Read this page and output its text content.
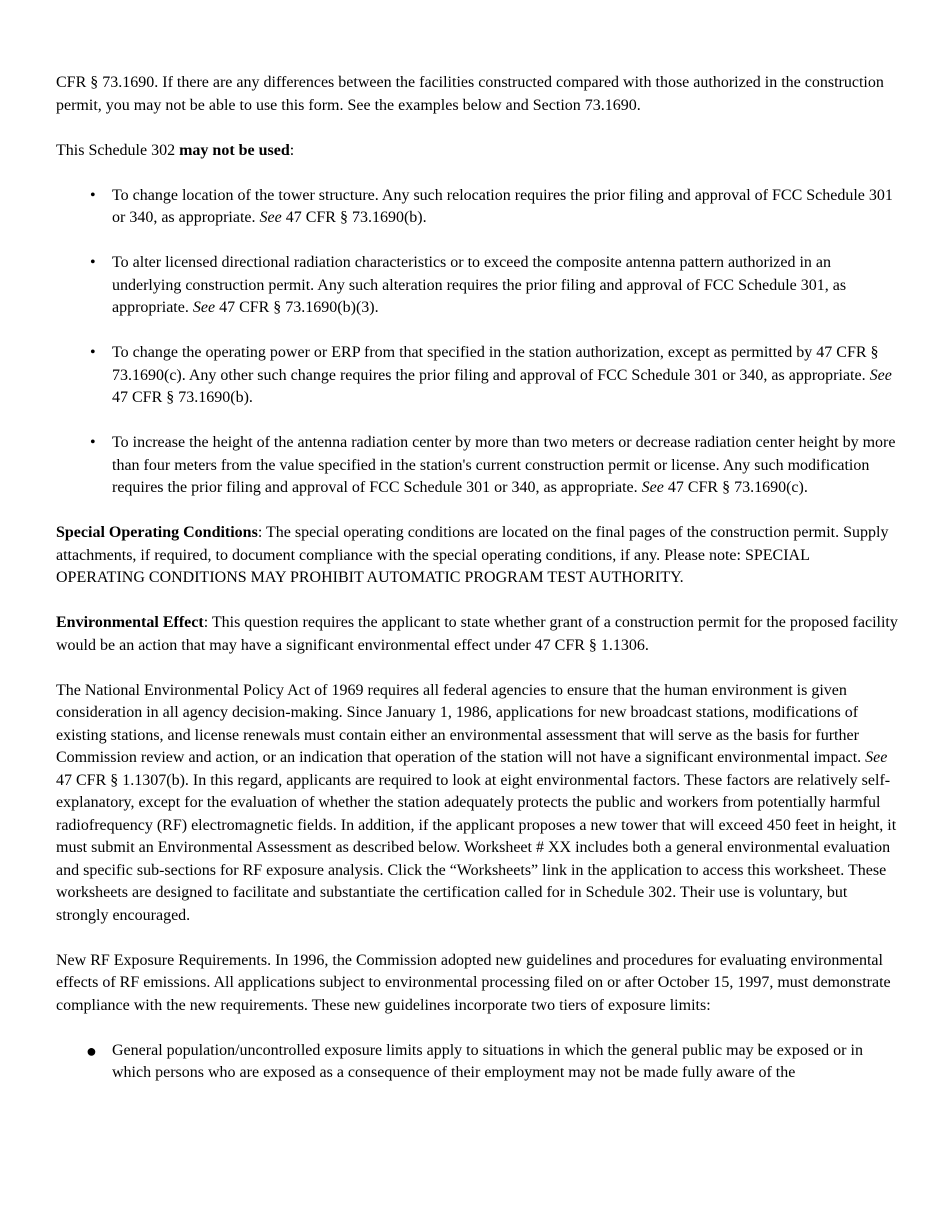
CFR § 73.1690. If there are any differences between the facilities constructed compared with those authorized in the construction permit, you may not be able to use this form. See the examples below and Section 73.1690.

This Schedule 302 may not be used:

• To change location of the tower structure. Any such relocation requires the prior filing and approval of FCC Schedule 301 or 340, as appropriate. See 47 CFR § 73.1690(b).
• To alter licensed directional radiation characteristics or to exceed the composite antenna pattern authorized in an underlying construction permit. Any such alteration requires the prior filing and approval of FCC Schedule 301, as appropriate. See 47 CFR § 73.1690(b)(3).
• To change the operating power or ERP from that specified in the station authorization, except as permitted by 47 CFR § 73.1690(c). Any other such change requires the prior filing and approval of FCC Schedule 301 or 340, as appropriate. See 47 CFR § 73.1690(b).
• To increase the height of the antenna radiation center by more than two meters or decrease radiation center height by more than four meters from the value specified in the station's current construction permit or license. Any such modification requires the prior filing and approval of FCC Schedule 301 or 340, as appropriate. See 47 CFR § 73.1690(c).

Special Operating Conditions: The special operating conditions are located on the final pages of the construction permit. Supply attachments, if required, to document compliance with the special operating conditions, if any. Please note: SPECIAL OPERATING CONDITIONS MAY PROHIBIT AUTOMATIC PROGRAM TEST AUTHORITY.

Environmental Effect: This question requires the applicant to state whether grant of a construction permit for the proposed facility would be an action that may have a significant environmental effect under 47 CFR § 1.1306.

The National Environmental Policy Act of 1969 requires all federal agencies to ensure that the human environment is given consideration in all agency decision-making. Since January 1, 1986, applications for new broadcast stations, modifications of existing stations, and license renewals must contain either an environmental assessment that will serve as the basis for further Commission review and action, or an indication that operation of the station will not have a significant environmental impact. See 47 CFR § 1.1307(b). In this regard, applicants are required to look at eight environmental factors. These factors are relatively self-explanatory, except for the evaluation of whether the station adequately protects the public and workers from potentially harmful radiofrequency (RF) electromagnetic fields. In addition, if the applicant proposes a new tower that will exceed 450 feet in height, it must submit an Environmental Assessment as described below. Worksheet # XX includes both a general environmental evaluation and specific sub-sections for RF exposure analysis. Click the “Worksheets” link in the application to access this worksheet. These worksheets are designed to facilitate and substantiate the certification called for in Schedule 302. Their use is voluntary, but strongly encouraged.

New RF Exposure Requirements. In 1996, the Commission adopted new guidelines and procedures for evaluating environmental effects of RF emissions. All applications subject to environmental processing filed on or after October 15, 1997, must demonstrate compliance with the new requirements. These new guidelines incorporate two tiers of exposure limits:

● General population/uncontrolled exposure limits apply to situations in which the general public may be exposed or in which persons who are exposed as a consequence of their employment may not be made fully aware of the
